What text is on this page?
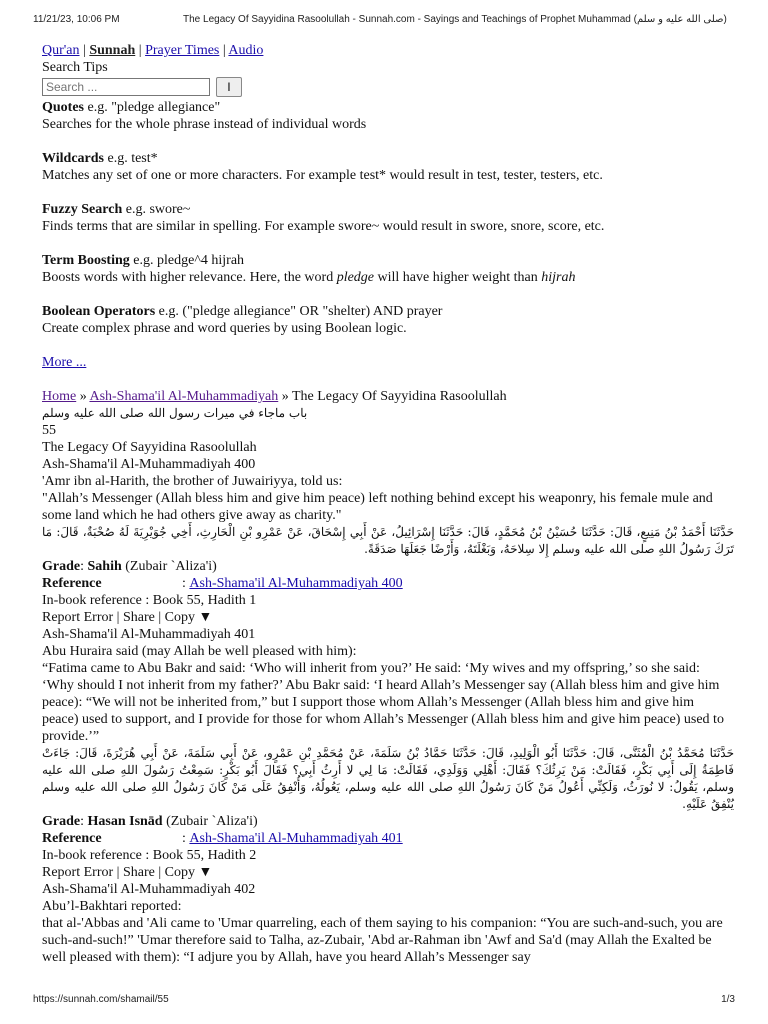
11/21/23, 10:06 PM	The Legacy Of Sayyidina Rasoolullah - Sunnah.com - Sayings and Teachings of Prophet Muhammad (صلى الله عليه و سلم)
Qur'an | Sunnah | Prayer Times | Audio
Search Tips
Search ...
l
Quotes e.g. "pledge allegiance"
Searches for the whole phrase instead of individual words
Wildcards e.g. test*
Matches any set of one or more characters. For example test* would result in test, tester, testers, etc.
Fuzzy Search e.g. swore~
Finds terms that are similar in spelling. For example swore~ would result in swore, snore, score, etc.
Term Boosting e.g. pledge^4 hijrah
Boosts words with higher relevance. Here, the word pledge will have higher weight than hijrah
Boolean Operators e.g. ("pledge allegiance" OR "shelter) AND prayer
Create complex phrase and word queries by using Boolean logic.
More ...
Home » Ash-Shama'il Al-Muhammadiyah » The Legacy Of Sayyidina Rasoolullah
باب ماجاء في ميرات رسول الله صلى الله عليه وسلم
55
The Legacy Of Sayyidina Rasoolullah
Ash-Shama'il Al-Muhammadiyah 400
'Amr ibn al-Harith, the brother of Juwairiyya, told us:
"Allah’s Messenger (Allah bless him and give him peace) left nothing behind except his weaponry, his female mule and some land which he had others give away as charity."
حَدَّثَنَا أَحْمَدُ بْنُ مَنِيعٍ، قَالَ: حَدَّثَنَا حُسَيْنُ بْنُ مُحَمَّدٍ، قَالَ: حَدَّثَنَا إِسْرَائِيلُ، عَنْ أَبِي إِسْحَاقَ، عَنْ عَمْرِو بْنِ الْحَارِثِ، أَخِي جُوَيْرِيَةَ لَهُ صُحْبَةٌ، قَالَ: مَا تَرَكَ رَسُولُ اللهِ صلى الله عليه وسلم إِلا سِلاحَهُ، وَبَغْلَتَهُ، وَأَرْضًا جَعَلَهَا صَدَقَةً.
Grade: Sahih (Zubair `Aliza'i)
Reference	: Ash-Shama'il Al-Muhammadiyah 400
In-book reference : Book 55, Hadith 1
Report Error | Share | Copy ▼
Ash-Shama'il Al-Muhammadiyah 401
Abu Huraira said (may Allah be well pleased with him):
“Fatima came to Abu Bakr and said: ‘Who will inherit from you?’ He said: ‘My wives and my offspring,’ so she said: ‘Why should I not inherit from my father?’ Abu Bakr said: ‘I heard Allah’s Messenger say (Allah bless him and give him peace): “We will not be inherited from,” but I support those whom Allah’s Messenger (Allah bless him and give him peace) used to support, and I provide for those for whom Allah’s Messenger (Allah bless him and give him peace) used to provide.’”
حَدَّثَنَا مُحَمَّدُ بْنُ الْمُثَنَّى، قَالَ: حَدَّثَنَا أَبُو الْوَلِيدِ، قَالَ: حَدَّثَنَا حَمَّادُ بْنُ سَلَمَةَ، عَنْ مُحَمَّدِ بْنِ عَمْرٍو، عَنْ أَبِي سَلَمَةَ، عَنْ أَبِي هُرَيْرَةَ، قَالَ: جَاءَتْ فَاطِمَةُ إِلَى أَبِي بَكْرٍ، فَقَالَتْ: مَنْ يَرِثُكَ؟ فَقَالَ: أَهْلِي وَوَلَدِي، فَقَالَتْ: مَا لِي لا أَرِثُ أَبِي؟ فَقَالَ أَبُو بَكْرٍ: سَمِعْتُ رَسُولَ اللهِ صلى الله عليه وسلم، يَقُولُ: لا نُورَثُ، وَلَكِنِّي أَعُولُ مَنْ كَانَ رَسُولُ اللهِ صلى الله عليه وسلم، يَعُولُهُ، وَأُنْفِقُ عَلَى مَنْ كَانَ رَسُولُ اللهِ صلى الله عليه وسلم يُنْفِقُ عَلَيْهِ.
Grade: Hasan Isnād (Zubair `Aliza'i)
Reference	: Ash-Shama'il Al-Muhammadiyah 401
In-book reference : Book 55, Hadith 2
Report Error | Share | Copy ▼
Ash-Shama'il Al-Muhammadiyah 402
Abu’l-Bakhtari reported:
that al-'Abbas and 'Ali came to 'Umar quarreling, each of them saying to his companion: “You are such-and-such, you are such-and-such!” 'Umar therefore said to Talha, az-Zubair, 'Abd ar-Rahman ibn 'Awf and Sa'd (may Allah the Exalted be well pleased with them): “I adjure you by Allah, have you heard Allah’s Messenger say
https://sunnah.com/shamail/55	1/3
